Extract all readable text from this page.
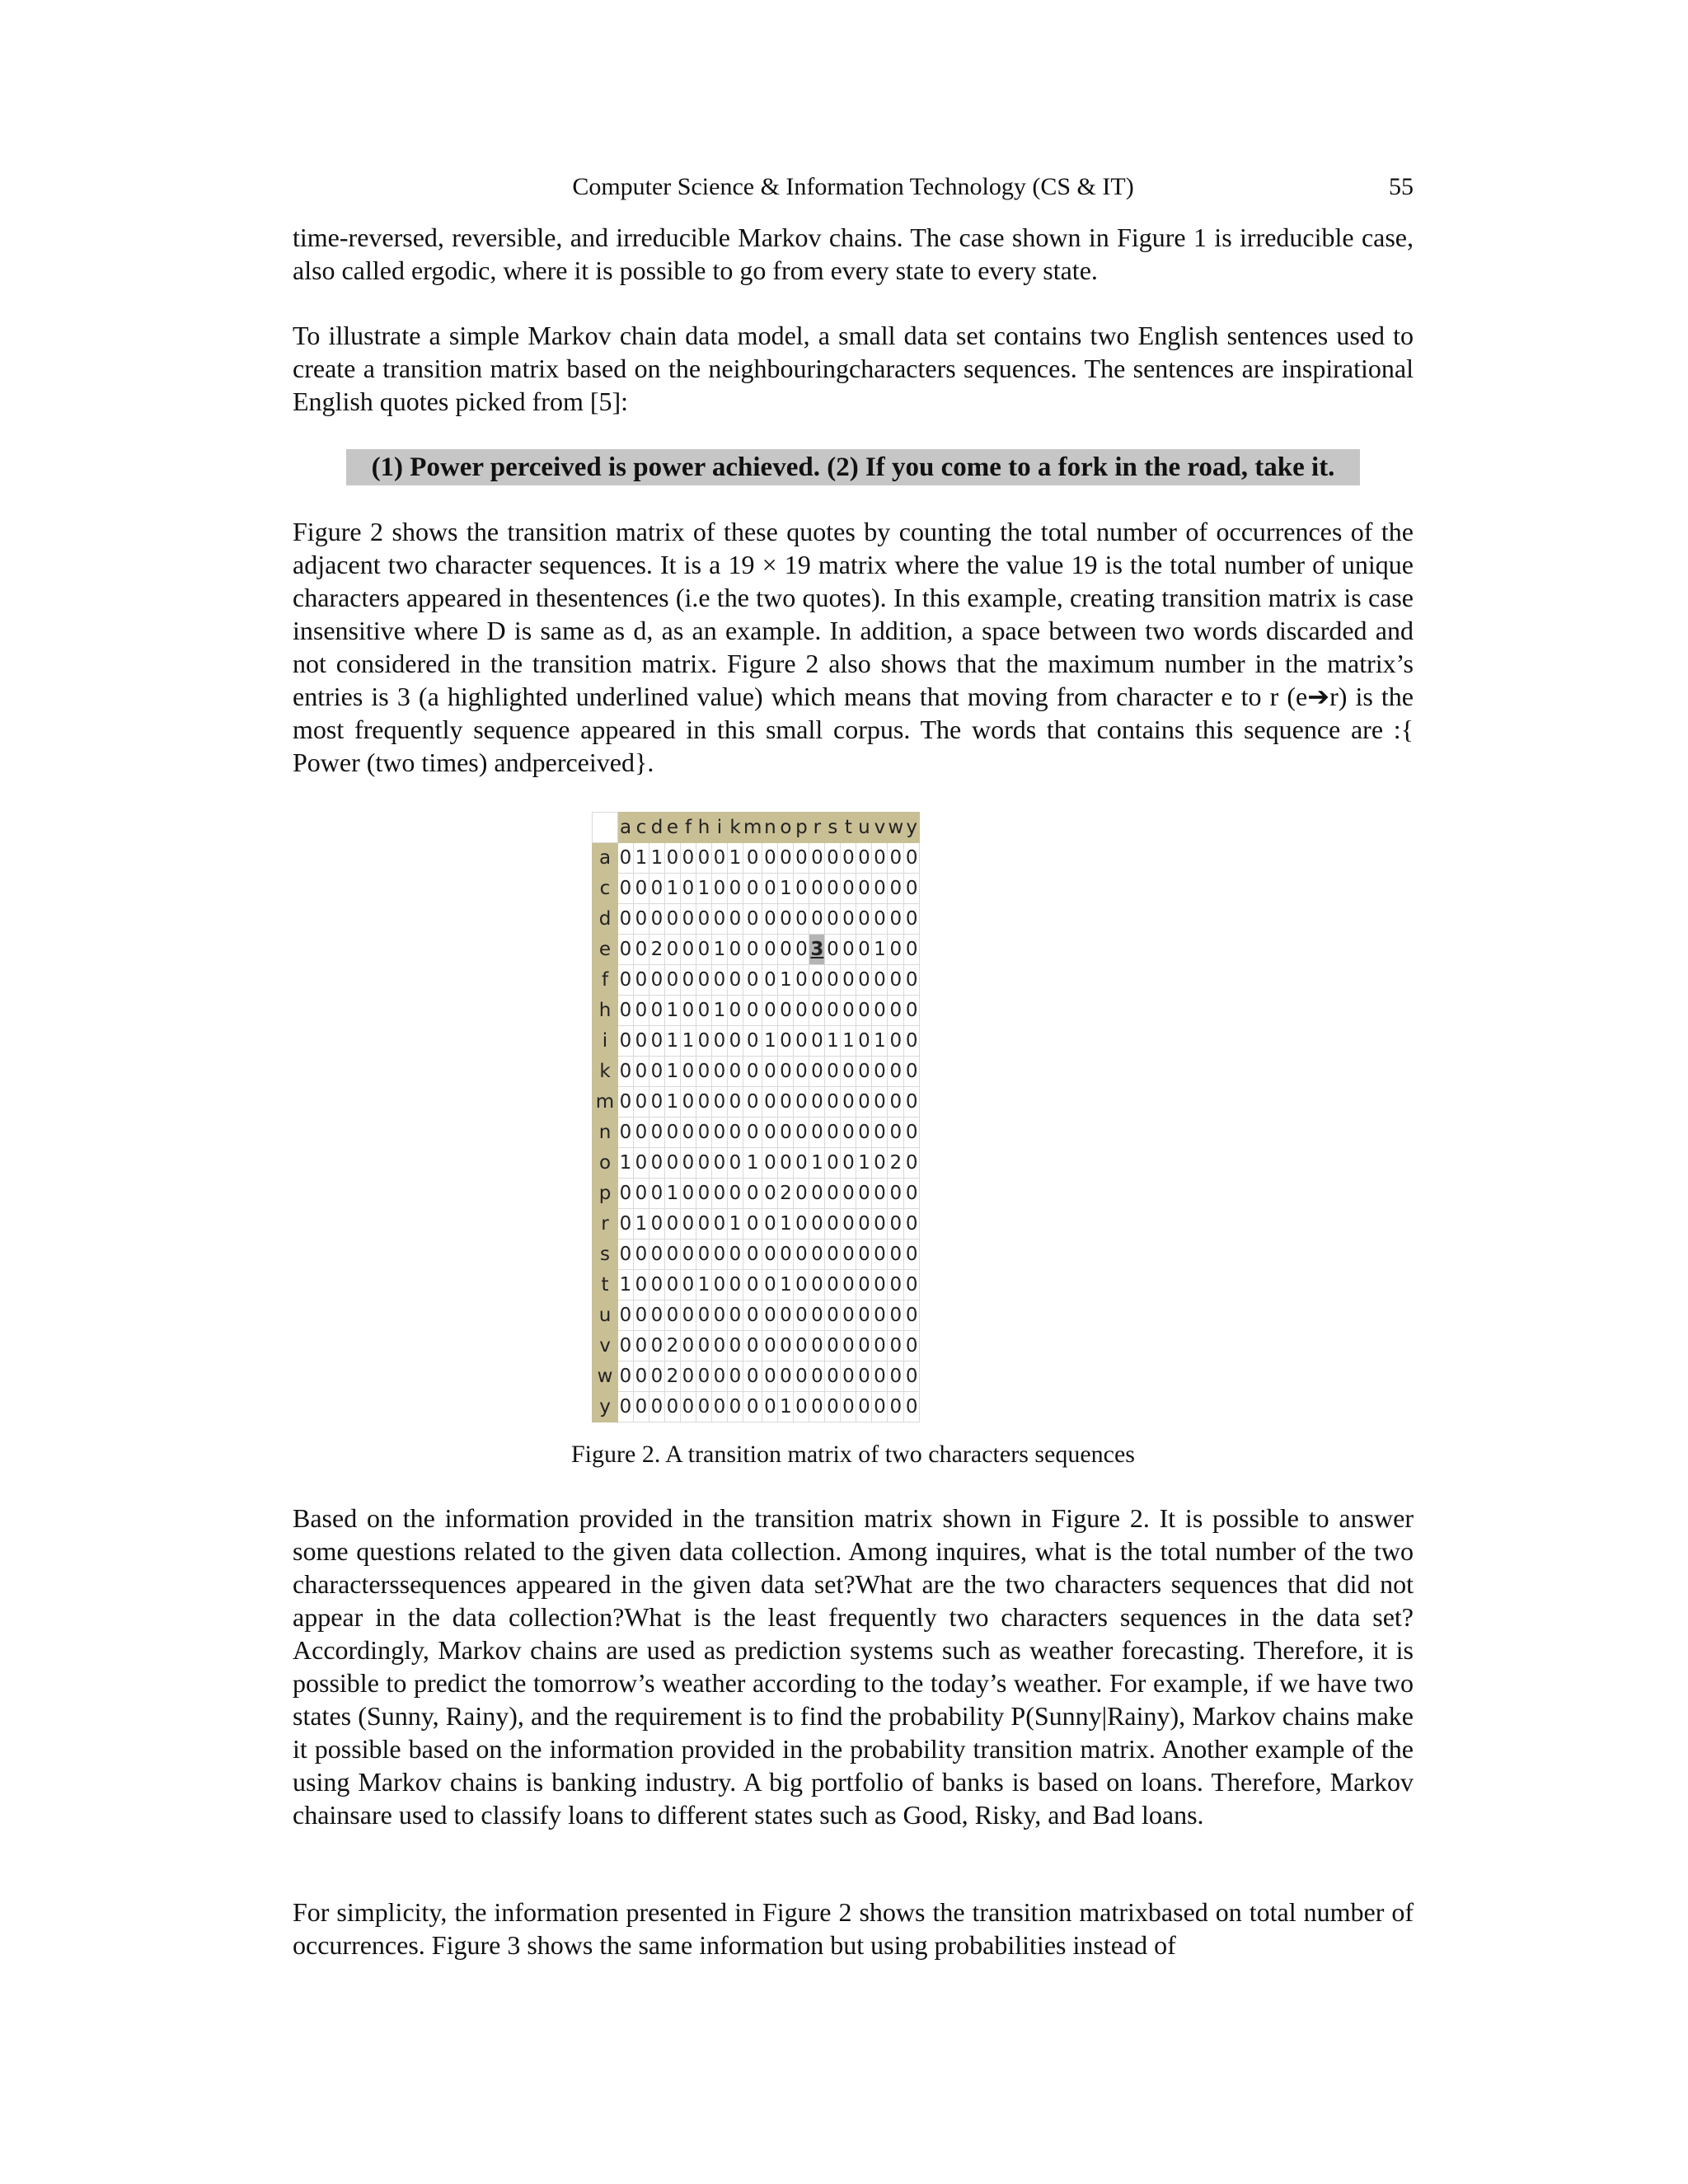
Computer Science & Information Technology (CS & IT)	55

time-reversed, reversible, and irreducible Markov chains. The case shown in Figure 1 is irreducible case, also called ergodic, where it is possible to go from every state to every state.

To illustrate a simple Markov chain data model, a small data set contains two English sentences used to create a transition matrix based on the neighbouringcharacters sequences. The sentences are inspirational English quotes picked from [5]:

(1) Power perceived is power achieved. (2) If you come to a fork in the road, take it.

Figure 2 shows the transition matrix of these quotes by counting the total number of occurrences of the adjacent two character sequences. It is a 19 × 19 matrix where the value 19 is the total number of unique characters appeared in thesentences (i.e the two quotes). In this example, creating transition matrix is case insensitive where D is same as d, as an example. In addition, a space between two words discarded and not considered in the transition matrix. Figure 2 also shows that the maximum number in the matrix’s entries is 3 (a highlighted underlined value) which means that moving from character e to r (e➔r) is the most frequently sequence appeared in this small corpus. The words that contains this sequence are :{ Power (two times) andperceived}.

	a	c	d	e	f	h	i	k	m	n	o	p	r	s	t	u	v	w	y
a	0	1	1	0	0	0	0	1	0	0	0	0	0	0	0	0	0	0	0
c	0	0	0	1	0	1	0	0	0	0	1	0	0	0	0	0	0	0	0
d	0	0	0	0	0	0	0	0	0	0	0	0	0	0	0	0	0	0	0
e	0	0	2	0	0	0	1	0	0	0	0	0	3	0	0	0	1	0	0
f	0	0	0	0	0	0	0	0	0	0	1	0	0	0	0	0	0	0	0
h	0	0	0	1	0	0	1	0	0	0	0	0	0	0	0	0	0	0	0
i	0	0	0	1	1	0	0	0	0	1	0	0	0	1	1	0	1	0	0
k	0	0	0	1	0	0	0	0	0	0	0	0	0	0	0	0	0	0	0
m	0	0	0	1	0	0	0	0	0	0	0	0	0	0	0	0	0	0	0
n	0	0	0	0	0	0	0	0	0	0	0	0	0	0	0	0	0	0	0
o	1	0	0	0	0	0	0	0	1	0	0	0	1	0	0	1	0	2	0
p	0	0	0	1	0	0	0	0	0	0	2	0	0	0	0	0	0	0	0
r	0	1	0	0	0	0	0	1	0	0	1	0	0	0	0	0	0	0	0
s	0	0	0	0	0	0	0	0	0	0	0	0	0	0	0	0	0	0	0
t	1	0	0	0	0	1	0	0	0	0	1	0	0	0	0	0	0	0	0
u	0	0	0	0	0	0	0	0	0	0	0	0	0	0	0	0	0	0	0
v	0	0	0	2	0	0	0	0	0	0	0	0	0	0	0	0	0	0	0
w	0	0	0	2	0	0	0	0	0	0	0	0	0	0	0	0	0	0	0
y	0	0	0	0	0	0	0	0	0	0	1	0	0	0	0	0	0	0	0
Figure 2. A transition matrix of two characters sequences

Based on the information provided in the transition matrix shown in Figure 2. It is possible to answer some questions related to the given data collection. Among inquires, what is the total number of the two characterssequences appeared in the given data set?What are the two characters sequences that did not appear in the data collection?What is the least frequently two characters sequences in the data set? Accordingly, Markov chains are used as prediction systems such as weather forecasting. Therefore, it is possible to predict the tomorrow’s weather according to the today’s weather. For example, if we have two states (Sunny, Rainy), and the requirement is to find the probability P(Sunny|Rainy), Markov chains make it possible based on the information provided in the probability transition matrix. Another example of the using Markov chains is banking industry. A big portfolio of banks is based on loans. Therefore, Markov chainsare used to classify loans to different states such as Good, Risky, and Bad loans.

For simplicity, the information presented in Figure 2 shows the transition matrixbased on total number of occurrences. Figure 3 shows the same information but using probabilities instead of
